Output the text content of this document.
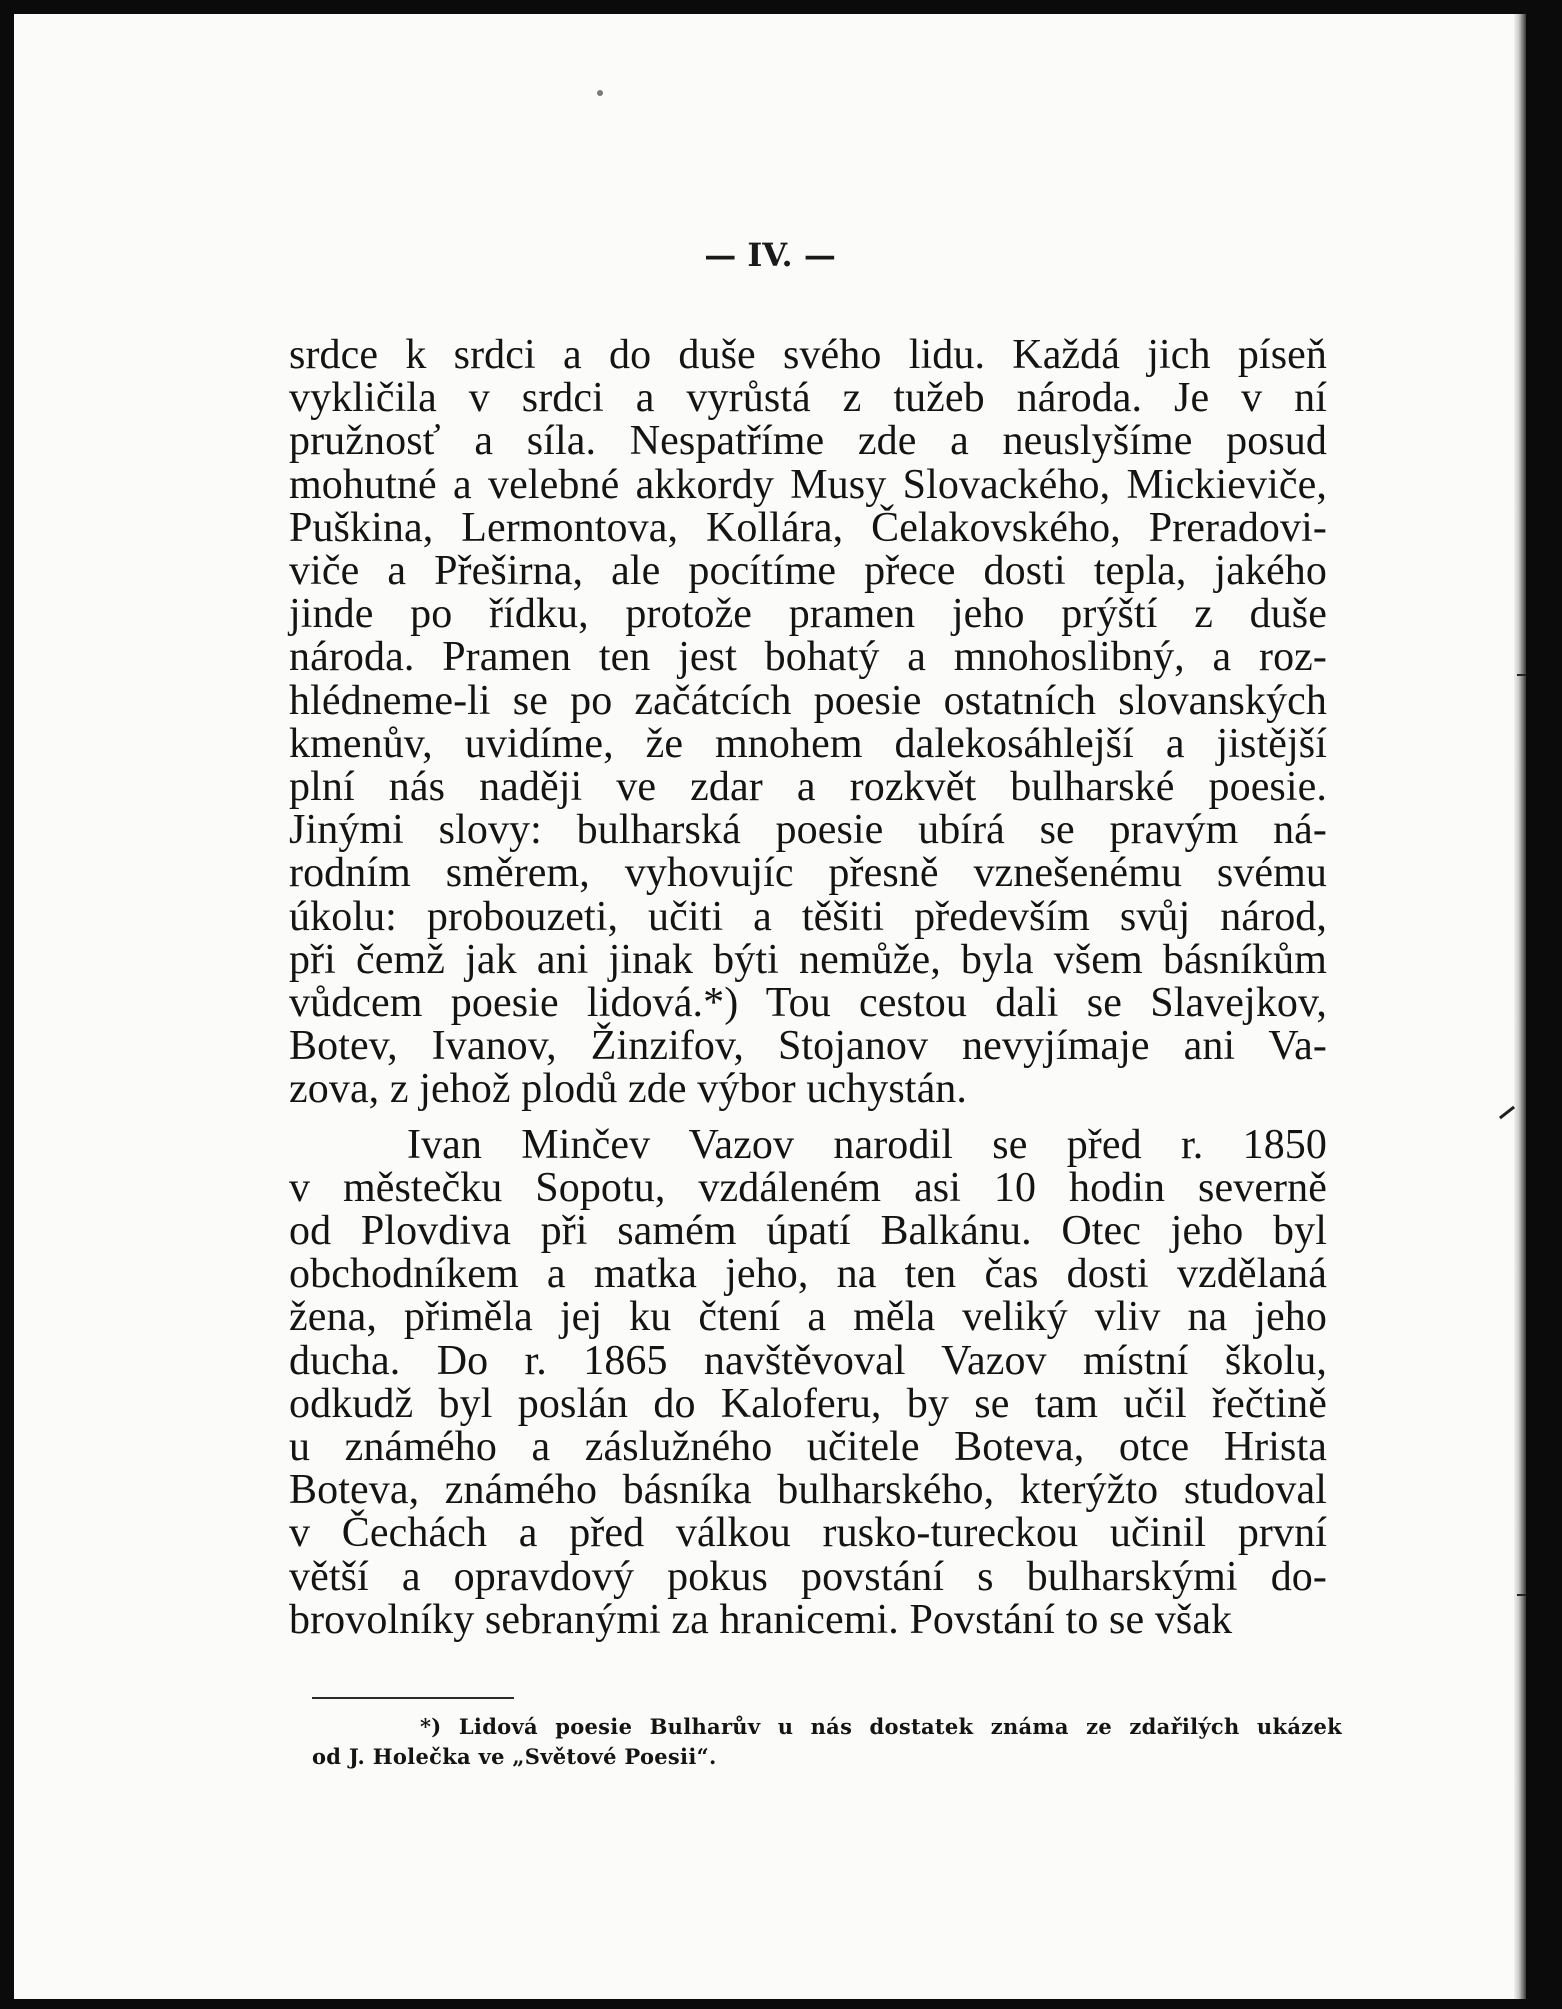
— IV. —

srdce k srdci a do duše svého lidu. Každá jich píseň
vykličila v srdci a vyrůstá z tužeb národa. Je v ní
pružnosť a síla. Nespatříme zde a neuslyšíme posud
mohutné a velebné akkordy Musy Slovackého, Mickieviče,
Puškina, Lermontova, Kollára, Čelakovského, Preradovi-
viče a Přeširna, ale pocítíme přece dosti tepla, jakého
jinde po řídku, protože pramen jeho prýští z duše
národa. Pramen ten jest bohatý a mnohoslibný, a roz-
hlédneme-li se po začátcích poesie ostatních slovanských
kmenův, uvidíme, že mnohem dalekosáhlejší a jistější
plní nás naději ve zdar a rozkvět bulharské poesie.
Jinými slovy: bulharská poesie ubírá se pravým ná-
rodním směrem, vyhovujíc přesně vznešenému svému
úkolu: probouzeti, učiti a těšiti především svůj národ,
při čemž jak ani jinak býti nemůže, byla všem básníkům
vůdcem poesie lidová.*) Tou cestou dali se Slavejkov,
Botev, Ivanov, Žinzifov, Stojanov nevyjímaje ani Va-
zova, z jehož plodů zde výbor uchystán.
Ivan Minčev Vazov narodil se před r. 1850
v městečku Sopotu, vzdáleném asi 10 hodin severně
od Plovdiva při samém úpatí Balkánu. Otec jeho byl
obchodníkem a matka jeho, na ten čas dosti vzdělaná
žena, přiměla jej ku čtení a měla veliký vliv na jeho
ducha. Do r. 1865 navštěvoval Vazov místní školu,
odkudž byl poslán do Kaloferu, by se tam učil řečtině
u známého a záslužného učitele Boteva, otce Hrista
Boteva, známého básníka bulharského, kterýžto studoval
v Čechách a před válkou rusko-tureckou učinil první
větší a opravdový pokus povstání s bulharskými do-
brovolníky sebranými za hranicemi. Povstání to se však
*) Lidová poesie Bulharův u nás dostatek známa ze zdařilých ukázek
od J. Holečka ve „Světové Poesii“.
